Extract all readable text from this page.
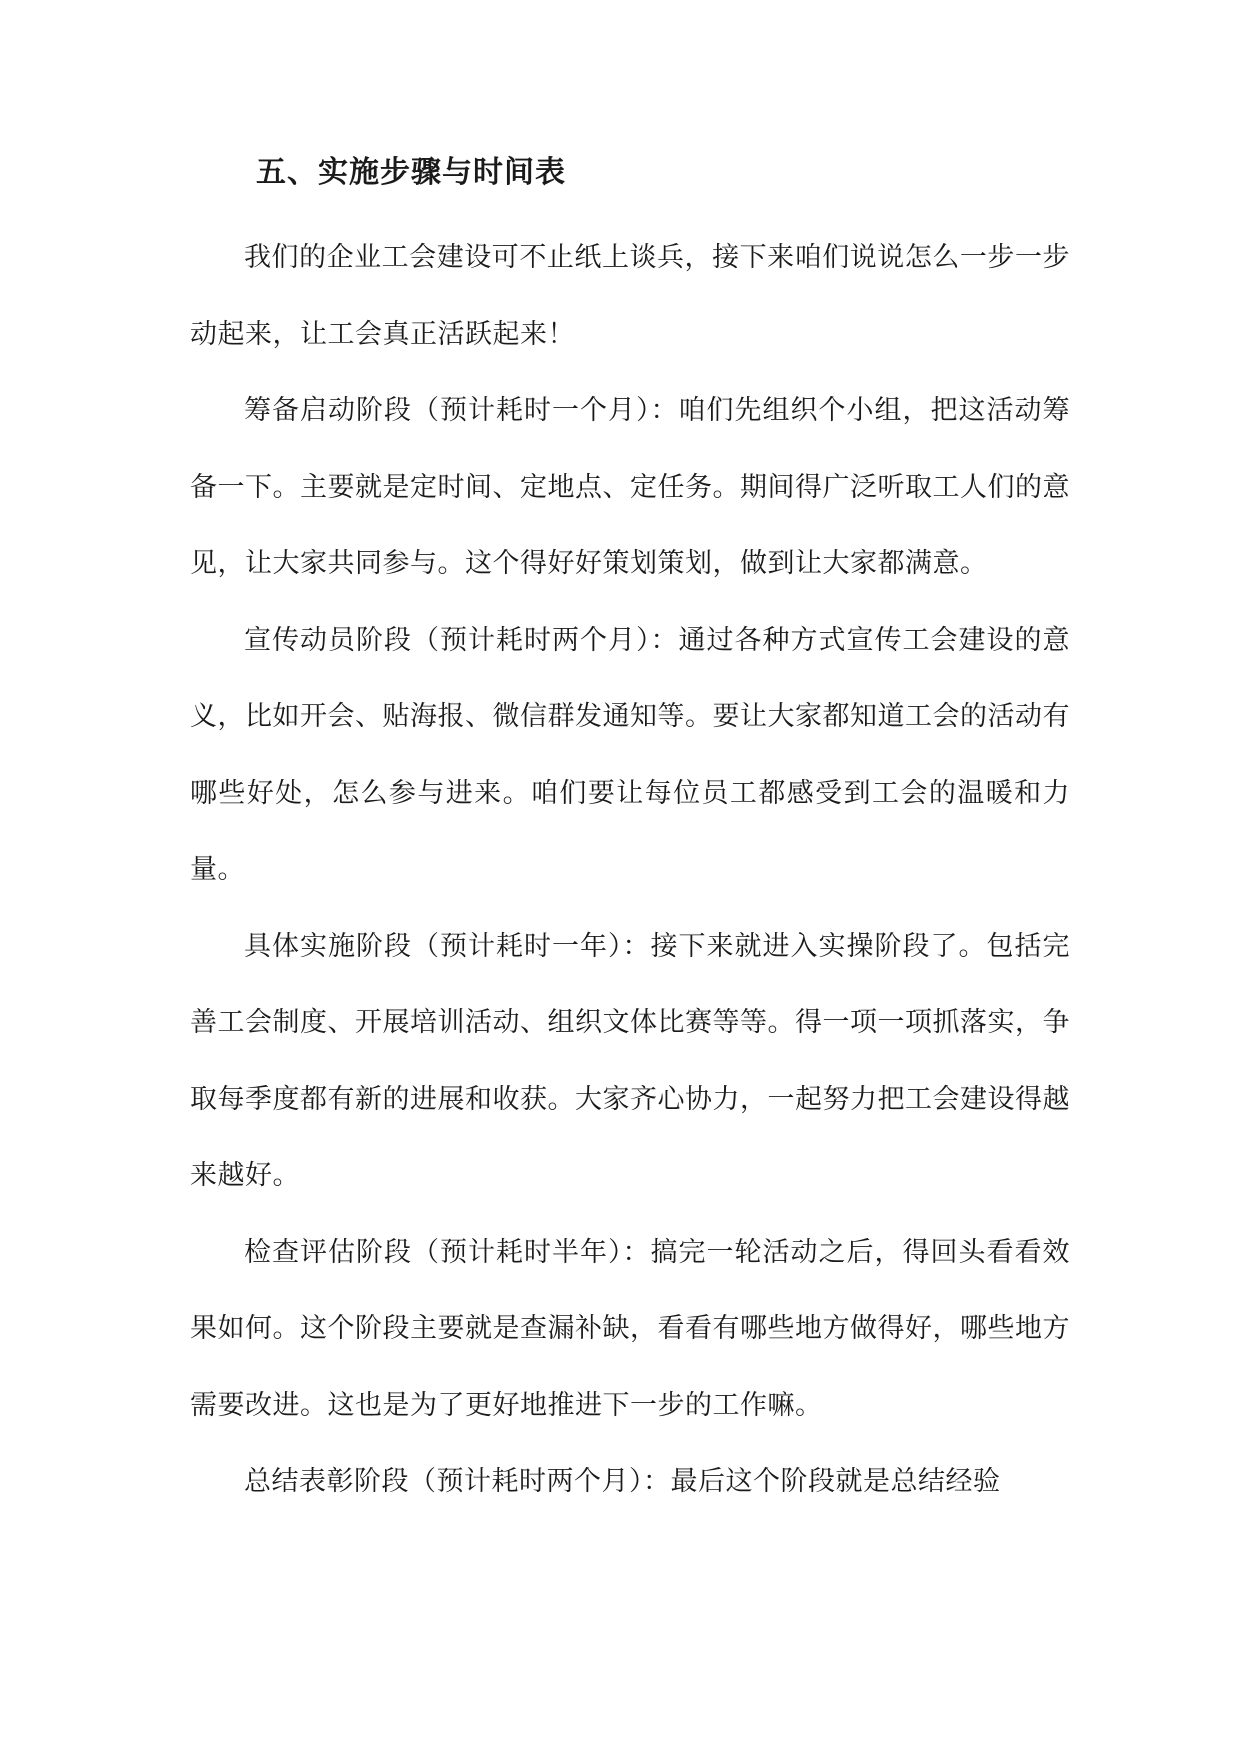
五、实施步骤与时间表

我们的企业工会建设可不止纸上谈兵，接下来咱们说说怎么一步一步动起来，让工会真正活跃起来！

筹备启动阶段（预计耗时一个月）：咱们先组织个小组，把这活动筹备一下。主要就是定时间、定地点、定任务。期间得广泛听取工人们的意见，让大家共同参与。这个得好好策划策划，做到让大家都满意。

宣传动员阶段（预计耗时两个月）：通过各种方式宣传工会建设的意义，比如开会、贴海报、微信群发通知等。要让大家都知道工会的活动有哪些好处，怎么参与进来。咱们要让每位员工都感受到工会的温暖和力量。

具体实施阶段（预计耗时一年）：接下来就进入实操阶段了。包括完善工会制度、开展培训活动、组织文体比赛等等。得一项一项抓落实，争取每季度都有新的进展和收获。大家齐心协力，一起努力把工会建设得越来越好。

检查评估阶段（预计耗时半年）：搞完一轮活动之后，得回头看看效果如何。这个阶段主要就是查漏补缺，看看有哪些地方做得好，哪些地方需要改进。这也是为了更好地推进下一步的工作嘛。

总结表彰阶段（预计耗时两个月）：最后这个阶段就是总结经验
